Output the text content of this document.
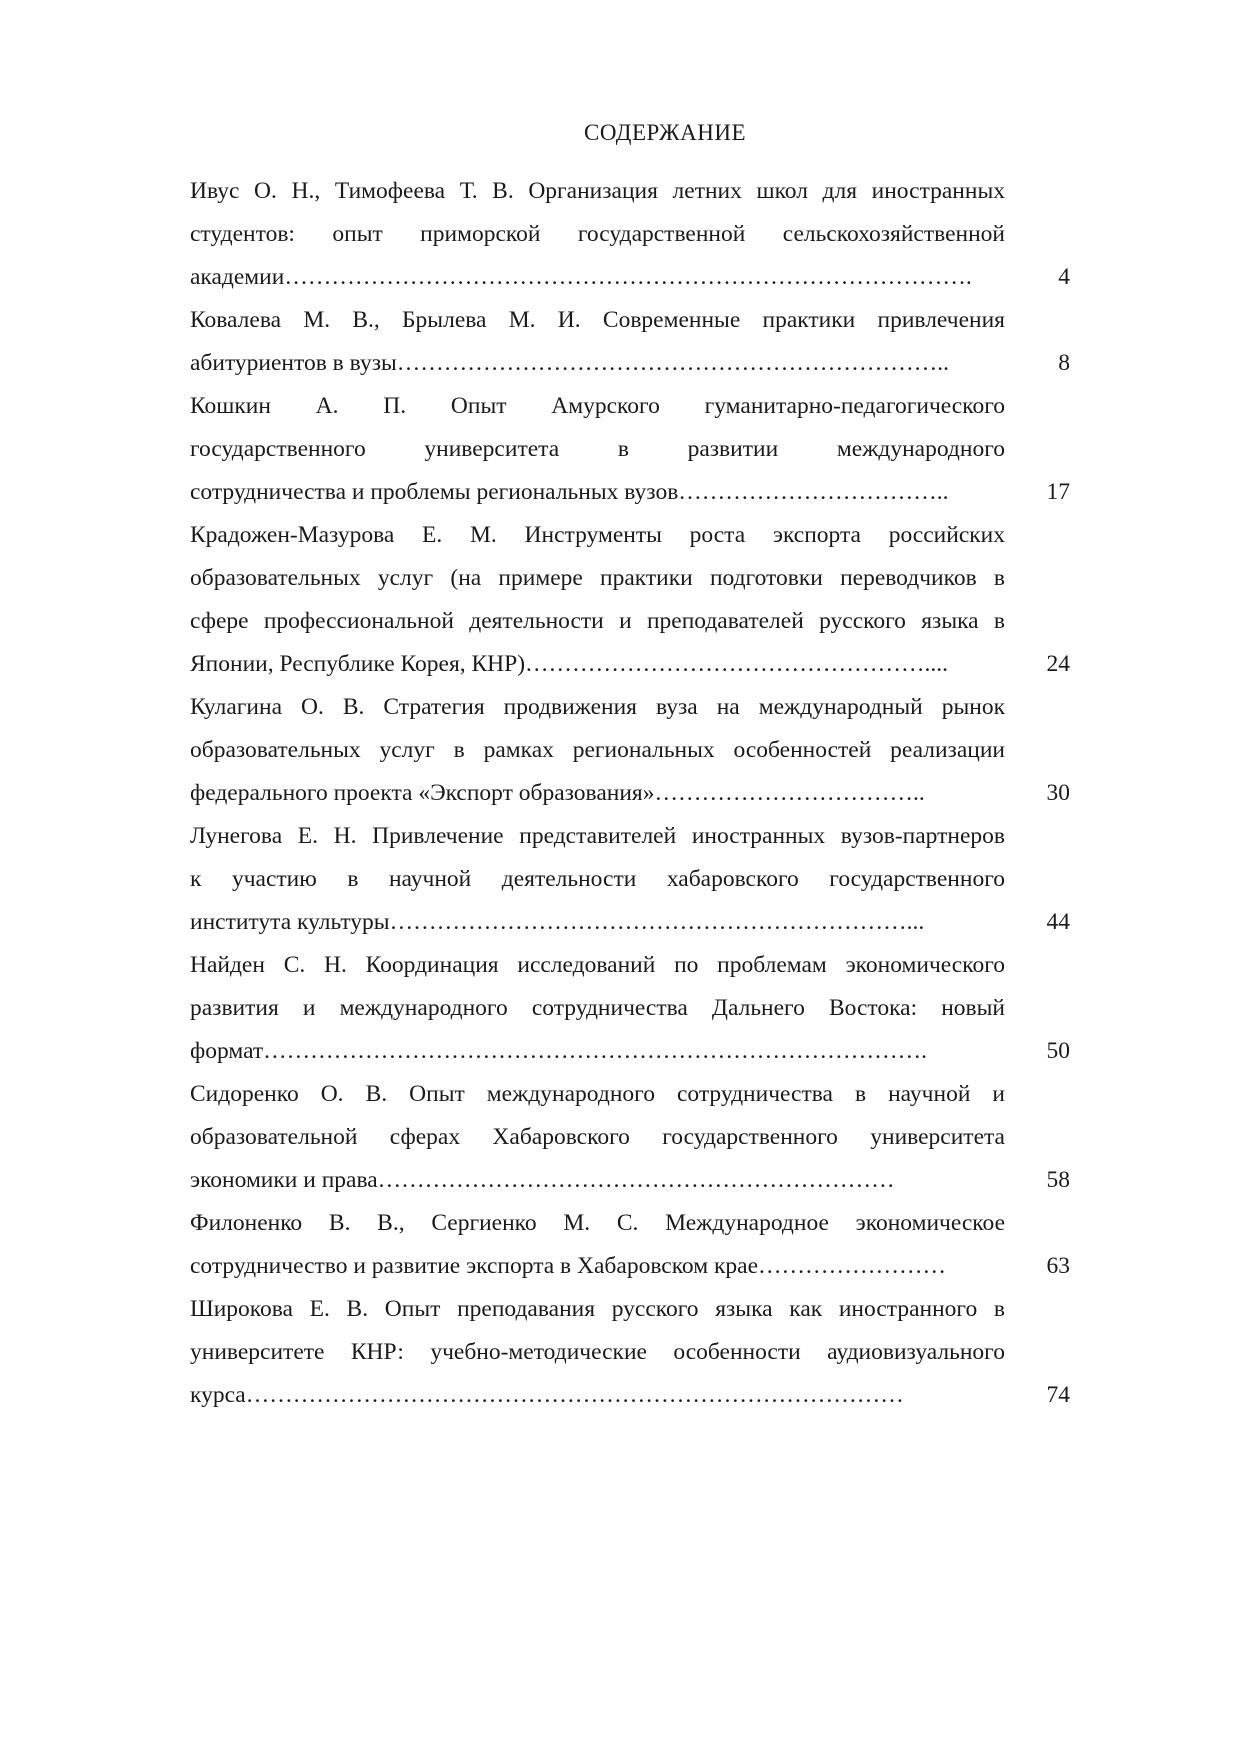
СОДЕРЖАНИЕ
Ивус О. Н., Тимофеева Т. В. Организация летних школ для иностранных
студентов: опыт приморской государственной сельскохозяйственной
академии…………………………………………………………………………….	4
Ковалева М. В., Брылева М. И. Современные практики привлечения
абитуриентов в вузы……………………………………………………………..	8
Кошкин А. П. Опыт Амурского гуманитарно-педагогического
государственного университета в развитии международного
сотрудничества и проблемы региональных вузов……………………………..	17
Крадожен-Мазурова Е. М. Инструменты роста экспорта российских
образовательных услуг (на примере практики подготовки переводчиков в
сфере профессиональной деятельности и преподавателей русского языка в
Японии, Республике Корея, КНР)……………………………………………....	24
Кулагина О. В. Стратегия продвижения вуза на международный рынок
образовательных услуг в рамках региональных особенностей реализации
федерального проекта «Экспорт образования»……………………………..	30
Лунегова Е. Н. Привлечение представителей иностранных вузов-партнеров
к участию в научной деятельности хабаровского государственного
института культуры…………………………………………………………...	44
Найден С. Н. Координация исследований по проблемам экономического
развития и международного сотрудничества Дальнего Востока: новый
формат………………………………………………………………………….	50
Сидоренко О. В. Опыт международного сотрудничества в научной и
образовательной сферах Хабаровского государственного университета
экономики и права…………………………………………………………	58
Филоненко В. В., Сергиенко М. С. Международное экономическое
сотрудничество и развитие экспорта в Хабаровском крае……………………	63
Широкова Е. В. Опыт преподавания русского языка как иностранного в
университете КНР: учебно-методические особенности аудиовизуального
курса…………………………………………………………………………	74
